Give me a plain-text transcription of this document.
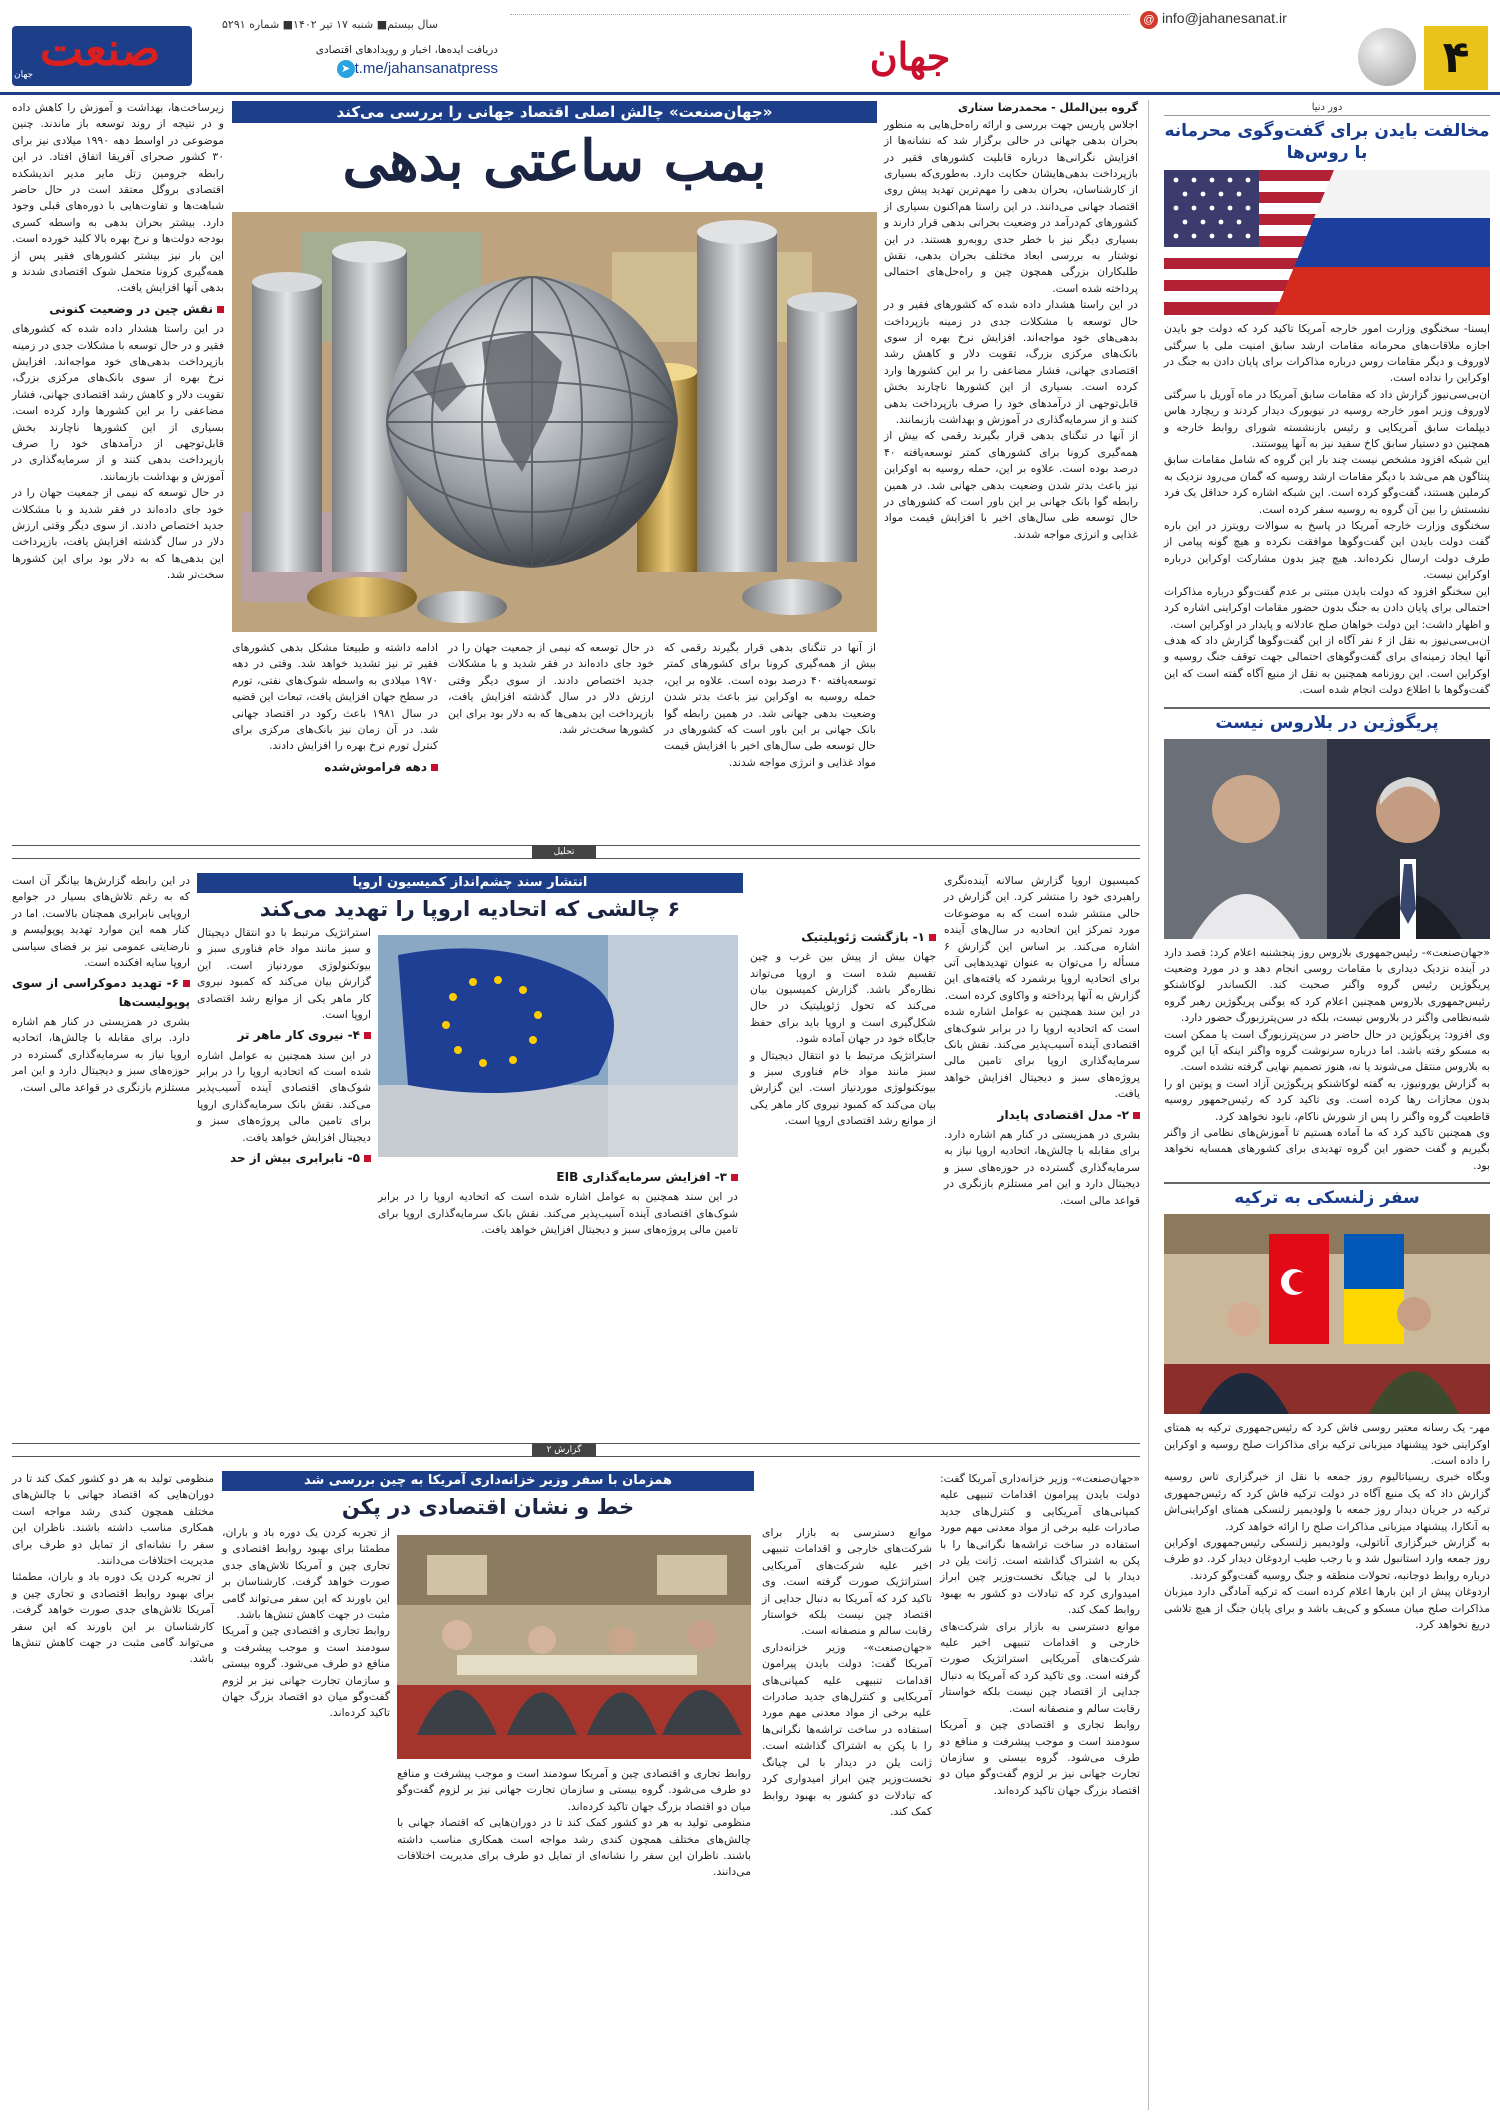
۴
@ info@jahanesanat.ir
جهان
سال بیستم■ شنبه ۱۷ تیر ۱۴۰۲■ شماره ۵۲۹۱
دریافت ایده‌ها، اخبار و رویدادهای اقتصادی
➤ t.me/jahansanatpress
صنعت
جهان
دور دنیا
مخالفت بایدن برای گفت‌وگوی محرمانه با روس‌ها

ایسنا- سخنگوی وزارت امور خارجه آمریکا تاکید کرد که دولت جو بایدن اجازه ملاقات‌های محرمانه مقامات ارشد سابق امنیت ملی با سرگئی لاوروف و دیگر مقامات روس درباره مذاکرات برای پایان دادن به جنگ در اوکراین را نداده است.

ان‌بی‌سی‌نیوز گزارش داد که مقامات سابق آمریکا در ماه آوریل با سرگئی لاوروف وزیر امور خارجه روسیه در نیویورک دیدار کردند و ریچارد هاس دیپلمات سابق آمریکایی و رئیس بازنشسته شورای روابط خارجه و همچنین دو دستیار سابق کاخ سفید نیز به آنها پیوستند.

این شبکه افزود مشخص نیست چند بار این گروه که شامل مقامات سابق پنتاگون هم می‌شد با دیگر مقامات ارشد روسیه که گمان می‌رود نزدیک به کرملین هستند، گفت‌وگو کرده است. این شبکه اشاره کرد حداقل یک فرد نشستش را بین آن گروه به روسیه سفر کرده است.

سخنگوی وزارت خارجه آمریکا در پاسخ به سوالات رویترز در این باره گفت دولت بایدن این گفت‌وگوها موافقت نکرده و هیچ گونه پیامی از طرف دولت ارسال نکرده‌اند. هیچ چیز بدون مشارکت اوکراین درباره اوکراین نیست.

این سخنگو افزود که دولت بایدن مبتنی بر عدم گفت‌وگو درباره مذاکرات احتمالی برای پایان دادن به جنگ بدون حضور مقامات اوکراینی اشاره کرد و اظهار داشت: این دولت خواهان صلح عادلانه و پایدار در اوکراین است.

ان‌بی‌سی‌نیوز به نقل از ۶ نفر آگاه از این گفت‌وگوها گزارش داد که هدف آنها ایجاد زمینه‌ای برای گفت‌وگوهای احتمالی جهت توقف جنگ روسیه و اوکراین است. این روزنامه همچنین به نقل از منبع آگاه گفته است که این گفت‌وگوها با اطلاع دولت انجام شده است.

پریگوژین در بلاروس نیست

«جهان‌صنعت»- رئیس‌جمهوری بلاروس روز پنجشنبه اعلام کرد: قصد دارد در آینده نزدیک دیداری با مقامات روسی انجام دهد و در مورد وضعیت پریگوژین رئیس گروه واگنر صحبت کند. الکساندر لوکاشنکو رئیس‌جمهوری بلاروس همچنین اعلام کرد که یوگنی پریگوژین رهبر گروه شبه‌نظامی واگنر در بلاروس نیست، بلکه در سن‌پترزبورگ حضور دارد.

وی افزود: پریگوژین در حال حاضر در سن‌پترزبورگ است یا ممکن است به مسکو رفته باشد. اما درباره سرنوشت گروه واگنر اینکه آیا این گروه به بلاروس منتقل می‌شوند یا نه، هنوز تصمیم نهایی گرفته نشده است.

به گزارش یورونیوز، به گفته لوکاشنکو پریگوژین آزاد است و پوتین او را بدون مجازات رها کرده است. وی تاکید کرد که رئیس‌جمهور روسیه قاطعیت گروه واگنر را پس از شورش ناکام، نابود نخواهد کرد.

وی همچنین تاکید کرد که ما آماده هستیم تا آموزش‌های نظامی از واگنر بگیریم و گفت حضور این گروه تهدیدی برای کشورهای همسایه نخواهد بود.

سفر زلنسکی به ترکیه

مهر- یک رسانه معتبر روسی فاش کرد که رئیس‌جمهوری ترکیه به همتای اوکراینی خود پیشنهاد میزبانی ترکیه برای مذاکرات صلح روسیه و اوکراین را داده است.

وبگاه خبری ریسیاتالیوم روز جمعه با نقل از خبرگزاری تاس روسیه گزارش داد که یک منبع آگاه در دولت ترکیه فاش کرد که رئیس‌جمهوری ترکیه در جریان دیدار روز جمعه با ولودیمیر زلنسکی همتای اوکراینی‌اش به آنکارا، پیشنهاد میزبانی مذاکرات صلح را ارائه خواهد کرد.

به گزارش خبرگزاری آناتولی، ولودیمیر زلنسکی رئیس‌جمهوری اوکراین روز جمعه وارد استانبول شد و با رجب طیب اردوغان دیدار کرد. دو طرف درباره روابط دوجانبه، تحولات منطقه و جنگ روسیه گفت‌وگو کردند.

اردوغان پیش از این بارها اعلام کرده است که ترکیه آمادگی دارد میزبان مذاکرات صلح میان مسکو و کی‌یف باشد و برای پایان جنگ از هیچ تلاشی دریغ نخواهد کرد.

«جهان‌صنعت» چالش اصلی اقتصاد جهانی را بررسی می‌کند
بمب ساعتی بدهی

گروه بین‌الملل - محمدرضا ستاری

اجلاس پاریس جهت بررسی و ارائه راه‌حل‌هایی به منظور بحران بدهی جهانی در حالی برگزار شد که نشانه‌ها از افزایش نگرانی‌ها درباره قابلیت کشورهای فقیر در بازپرداخت بدهی‌هایشان حکایت دارد. به‌طوری‌که بسیاری از کارشناسان، بحران بدهی را مهم‌ترین تهدید پیش روی اقتصاد جهانی می‌دانند. در این راستا هم‌اکنون بسیاری از کشورهای کم‌درآمد در وضعیت بحرانی بدهی قرار دارند و بسیاری دیگر نیز با خطر جدی روبه‌رو هستند. در این نوشتار به بررسی ابعاد مختلف بحران بدهی، نقش طلبکاران بزرگی همچون چین و راه‌حل‌های احتمالی پرداخته شده است.

در این راستا هشدار داده شده که کشورهای فقیر و در حال توسعه با مشکلات جدی در زمینه بازپرداخت بدهی‌های خود مواجه‌اند. افزایش نرخ بهره از سوی بانک‌های مرکزی بزرگ، تقویت دلار و کاهش رشد اقتصادی جهانی، فشار مضاعفی را بر این کشورها وارد کرده است. بسیاری از این کشورها ناچارند بخش قابل‌توجهی از درآمدهای خود را صرف بازپرداخت بدهی کنند و از سرمایه‌گذاری در آموزش و بهداشت بازبمانند.

از آنها در تنگنای بدهی قرار بگیرند رقمی که بیش از همه‌گیری کرونا برای کشورهای کمتر توسعه‌یافته ۴۰ درصد بوده است. علاوه بر این، حمله روسیه به اوکراین نیز باعث بدتر شدن وضعیت بدهی جهانی شد. در همین رابطه گوا بانک جهانی بر این باور است که کشورهای در حال توسعه طی سال‌های اخیر با افزایش قیمت مواد غذایی و انرژی مواجه شدند.

زیرساخت‌ها، بهداشت و آموزش را کاهش داده و در نتیجه از روند توسعه باز ماندند. چنین موضوعی در اواسط دهه ۱۹۹۰ میلادی نیز برای ۳۰ کشور صحرای آفریقا اتفاق افتاد. در این رابطه جرومین زتل مایر مدیر اندیشکده اقتصادی بروگل معتقد است در حال حاضر شباهت‌ها و تفاوت‌هایی با دوره‌های قبلی وجود دارد. بیشتر بحران بدهی به واسطه کسری بودجه دولت‌ها و نرخ بهره بالا کلید خورده است. این بار نیز بیشتر کشورهای فقیر پس از همه‌گیری کرونا متحمل شوک اقتصادی شدند و بدهی آنها افزایش یافت.

نقش چین در وضعیت کنونی

در این راستا هشدار داده شده که کشورهای فقیر و در حال توسعه با مشکلات جدی در زمینه بازپرداخت بدهی‌های خود مواجه‌اند. افزایش نرخ بهره از سوی بانک‌های مرکزی بزرگ، تقویت دلار و کاهش رشد اقتصادی جهانی، فشار مضاعفی را بر این کشورها وارد کرده است. بسیاری از این کشورها ناچارند بخش قابل‌توجهی از درآمدهای خود را صرف بازپرداخت بدهی کنند و از سرمایه‌گذاری در آموزش و بهداشت بازبمانند.

در حال توسعه که نیمی از جمعیت جهان را در خود جای داده‌اند در فقر شدید و با مشکلات جدید اختصاص دادند. از سوی دیگر وقتی ارزش دلار در سال گذشته افزایش یافت، بازپرداخت این بدهی‌ها که به دلار بود برای این کشورها سخت‌تر شد.

از آنها در تنگنای بدهی قرار بگیرند رقمی که بیش از همه‌گیری کرونا برای کشورهای کمتر توسعه‌یافته ۴۰ درصد بوده است. علاوه بر این، حمله روسیه به اوکراین نیز باعث بدتر شدن وضعیت بدهی جهانی شد. در همین رابطه گوا بانک جهانی بر این باور است که کشورهای در حال توسعه طی سال‌های اخیر با افزایش قیمت مواد غذایی و انرژی مواجه شدند.

در حال توسعه که نیمی از جمعیت جهان را در خود جای داده‌اند در فقر شدید و با مشکلات جدید اختصاص دادند. از سوی دیگر وقتی ارزش دلار در سال گذشته افزایش یافت، بازپرداخت این بدهی‌ها که به دلار بود برای این کشورها سخت‌تر شد.

ادامه داشته و طبیعتا مشکل بدهی کشورهای فقیر تر نیز تشدید خواهد شد. وقتی در دهه ۱۹۷۰ میلادی به واسطه شوک‌های نفتی، تورم در سطح جهان افزایش یافت، تبعات این قضیه در سال ۱۹۸۱ باعث رکود در اقتصاد جهانی شد. در آن زمان نیز بانک‌های مرکزی برای کنترل تورم نرخ بهره را افزایش دادند.

دهه فراموش‌شده

تحلیل
انتشار سند چشم‌انداز کمیسیون اروپا
۶ چالشی که اتحادیه اروپا را تهدید می‌کند

کمیسیون اروپا گزارش سالانه آینده‌نگری راهبردی خود را منتشر کرد. این گزارش در حالی منتشر شده است که به موضوعات مورد تمرکز این اتحادیه در سال‌های آینده اشاره می‌کند. بر اساس این گزارش ۶ مسأله را می‌توان به عنوان تهدیدهایی آتی برای اتحادیه اروپا برشمرد که یافته‌های این گزارش به آنها پرداخته و واکاوی کرده است.

در این سند همچنین به عوامل اشاره شده است که اتحادیه اروپا را در برابر شوک‌های اقتصادی آینده آسیب‌پذیر می‌کند. نقش بانک سرمایه‌گذاری اروپا برای تامین مالی پروژه‌های سبز و دیجیتال افزایش خواهد یافت.

۲- مدل اقتصادی پایدار

بشری در همزیستی در کنار هم اشاره دارد. برای مقابله با چالش‌ها، اتحادیه اروپا نیاز به سرمایه‌گذاری گسترده در حوزه‌های سبز و دیجیتال دارد و این امر مستلزم بازنگری در قواعد مالی است.

۱- بازگشت ژئوپلیتیک

جهان بیش از پیش بین غرب و چین تقسیم شده است و اروپا می‌تواند نظاره‌گر باشد. گزارش کمیسیون بیان می‌کند که تحول ژئوپلیتیک در حال شکل‌گیری است و اروپا باید برای حفظ جایگاه خود در جهان آماده شود.

استراتژیک مرتبط با دو انتقال دیجیتال و سبز مانند مواد خام فناوری سبز و بیوتکنولوژی موردنیاز است. این گزارش بیان می‌کند که کمبود نیروی کار ماهر یکی از موانع رشد اقتصادی اروپا است.

استراتژیک مرتبط با دو انتقال دیجیتال و سبز مانند مواد خام فناوری سبز و بیوتکنولوژی موردنیاز است. این گزارش بیان می‌کند که کمبود نیروی کار ماهر یکی از موانع رشد اقتصادی اروپا است.

۴- نیروی کار ماهر تر

در این سند همچنین به عوامل اشاره شده است که اتحادیه اروپا را در برابر شوک‌های اقتصادی آینده آسیب‌پذیر می‌کند. نقش بانک سرمایه‌گذاری اروپا برای تامین مالی پروژه‌های سبز و دیجیتال افزایش خواهد یافت.

۵- نابرابری بیش از حد

در این رابطه گزارش‌ها بیانگر آن است که به رغم تلاش‌های بسیار در جوامع اروپایی نابرابری همچنان بالاست. اما در کنار همه این موارد تهدید پوپولیسم و نارضایتی عمومی نیز بر فضای سیاسی اروپا سایه افکنده است.

۶- تهدید دموکراسی از سوی پوپولیست‌ها

بشری در همزیستی در کنار هم اشاره دارد. برای مقابله با چالش‌ها، اتحادیه اروپا نیاز به سرمایه‌گذاری گسترده در حوزه‌های سبز و دیجیتال دارد و این امر مستلزم بازنگری در قواعد مالی است.

۳- افزایش سرمایه‌گذاری EIB

در این سند همچنین به عوامل اشاره شده است که اتحادیه اروپا را در برابر شوک‌های اقتصادی آینده آسیب‌پذیر می‌کند. نقش بانک سرمایه‌گذاری اروپا برای تامین مالی پروژه‌های سبز و دیجیتال افزایش خواهد یافت.

گزارش ۲
همزمان با سفر وزیر خزانه‌داری آمریکا به چین بررسی شد
خط و نشان اقتصادی در پکن

«جهان‌صنعت»- وزیر خزانه‌داری آمریکا گفت: دولت بایدن پیرامون اقدامات تنبیهی علیه کمپانی‌های آمریکایی و کنترل‌های جدید صادرات علیه برخی از مواد معدنی مهم مورد استفاده در ساخت تراشه‌ها نگرانی‌ها را با پکن به اشتراک گذاشته است. ژانت یلن در دیدار با لی چیانگ نخست‌وزیر چین ابراز امیدواری کرد که تبادلات دو کشور به بهبود روابط کمک کند.

موانع دسترسی به بازار برای شرکت‌های خارجی و اقدامات تنبیهی اخیر علیه شرکت‌های آمریکایی استراتژیک صورت گرفته است. وی تاکید کرد که آمریکا به دنبال جدایی از اقتصاد چین نیست بلکه خواستار رقابت سالم و منصفانه است.

روابط تجاری و اقتصادی چین و آمریکا سودمند است و موجب پیشرفت و منافع دو طرف می‌شود. گروه بیستی و سازمان تجارت جهانی نیز بر لزوم گفت‌وگو میان دو اقتصاد بزرگ جهان تاکید کرده‌اند.

موانع دسترسی به بازار برای شرکت‌های خارجی و اقدامات تنبیهی اخیر علیه شرکت‌های آمریکایی استراتژیک صورت گرفته است. وی تاکید کرد که آمریکا به دنبال جدایی از اقتصاد چین نیست بلکه خواستار رقابت سالم و منصفانه است.

«جهان‌صنعت»- وزیر خزانه‌داری آمریکا گفت: دولت بایدن پیرامون اقدامات تنبیهی علیه کمپانی‌های آمریکایی و کنترل‌های جدید صادرات علیه برخی از مواد معدنی مهم مورد استفاده در ساخت تراشه‌ها نگرانی‌ها را با پکن به اشتراک گذاشته است. ژانت یلن در دیدار با لی چیانگ نخست‌وزیر چین ابراز امیدواری کرد که تبادلات دو کشور به بهبود روابط کمک کند.

از تجربه کردن یک دوره باد و باران، مطمئنا برای بهبود روابط اقتصادی و تجاری چین و آمریکا تلاش‌های جدی صورت خواهد گرفت. کارشناسان بر این باورند که این سفر می‌تواند گامی مثبت در جهت کاهش تنش‌ها باشد.

روابط تجاری و اقتصادی چین و آمریکا سودمند است و موجب پیشرفت و منافع دو طرف می‌شود. گروه بیستی و سازمان تجارت جهانی نیز بر لزوم گفت‌وگو میان دو اقتصاد بزرگ جهان تاکید کرده‌اند.

منظومی تولید به هر دو کشور کمک کند تا در دوران‌هایی که اقتصاد جهانی با چالش‌های مختلف همچون کندی رشد مواجه است همکاری مناسب داشته باشند. ناظران این سفر را نشانه‌ای از تمایل دو طرف برای مدیریت اختلافات می‌دانند.

از تجربه کردن یک دوره باد و باران، مطمئنا برای بهبود روابط اقتصادی و تجاری چین و آمریکا تلاش‌های جدی صورت خواهد گرفت. کارشناسان بر این باورند که این سفر می‌تواند گامی مثبت در جهت کاهش تنش‌ها باشد.

روابط تجاری و اقتصادی چین و آمریکا سودمند است و موجب پیشرفت و منافع دو طرف می‌شود. گروه بیستی و سازمان تجارت جهانی نیز بر لزوم گفت‌وگو میان دو اقتصاد بزرگ جهان تاکید کرده‌اند.

منظومی تولید به هر دو کشور کمک کند تا در دوران‌هایی که اقتصاد جهانی با چالش‌های مختلف همچون کندی رشد مواجه است همکاری مناسب داشته باشند. ناظران این سفر را نشانه‌ای از تمایل دو طرف برای مدیریت اختلافات می‌دانند.
